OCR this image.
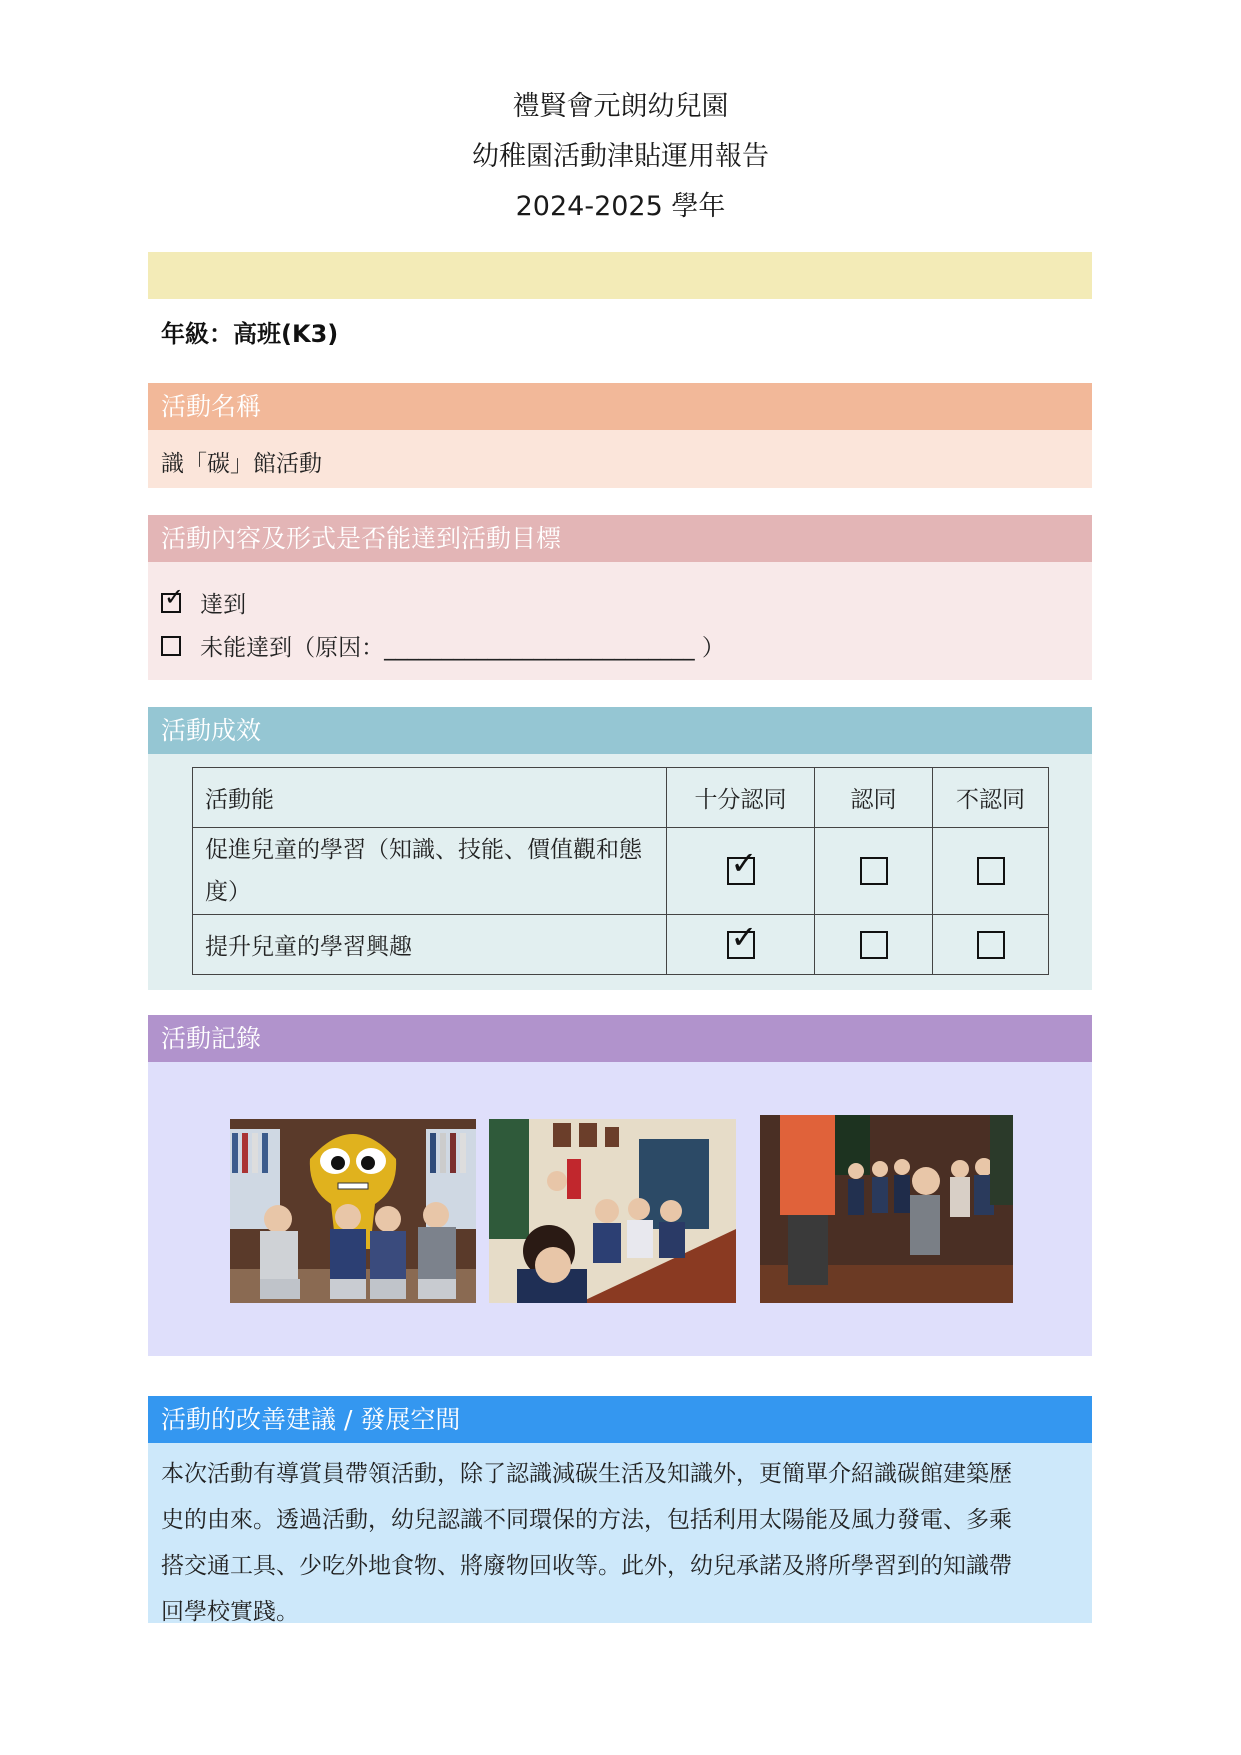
禮賢會元朗幼兒園
幼稚園活動津貼運用報告
2024-2025 學年
年級：高班(K3)
活動名稱
識「碳」館活動
活動內容及形式是否能達到活動目標
✓ 達到
未能達到（原因：___________________________ ）
活動成效
活動能	十分認同	認同	不認同
促進兒童的學習（知識、技能、價值觀和態度）	✓		

提升兒童的學習興趣	✓		

活動記錄
活動的改善建議 / 發展空間
本次活動有導賞員帶領活動，除了認識減碳生活及知識外，更簡單介紹識碳館建築歷
史的由來。透過活動，幼兒認識不同環保的方法，包括利用太陽能及風力發電、多乘
搭交通工具、少吃外地食物、將廢物回收等。此外，幼兒承諾及將所學習到的知識帶
回學校實踐。
